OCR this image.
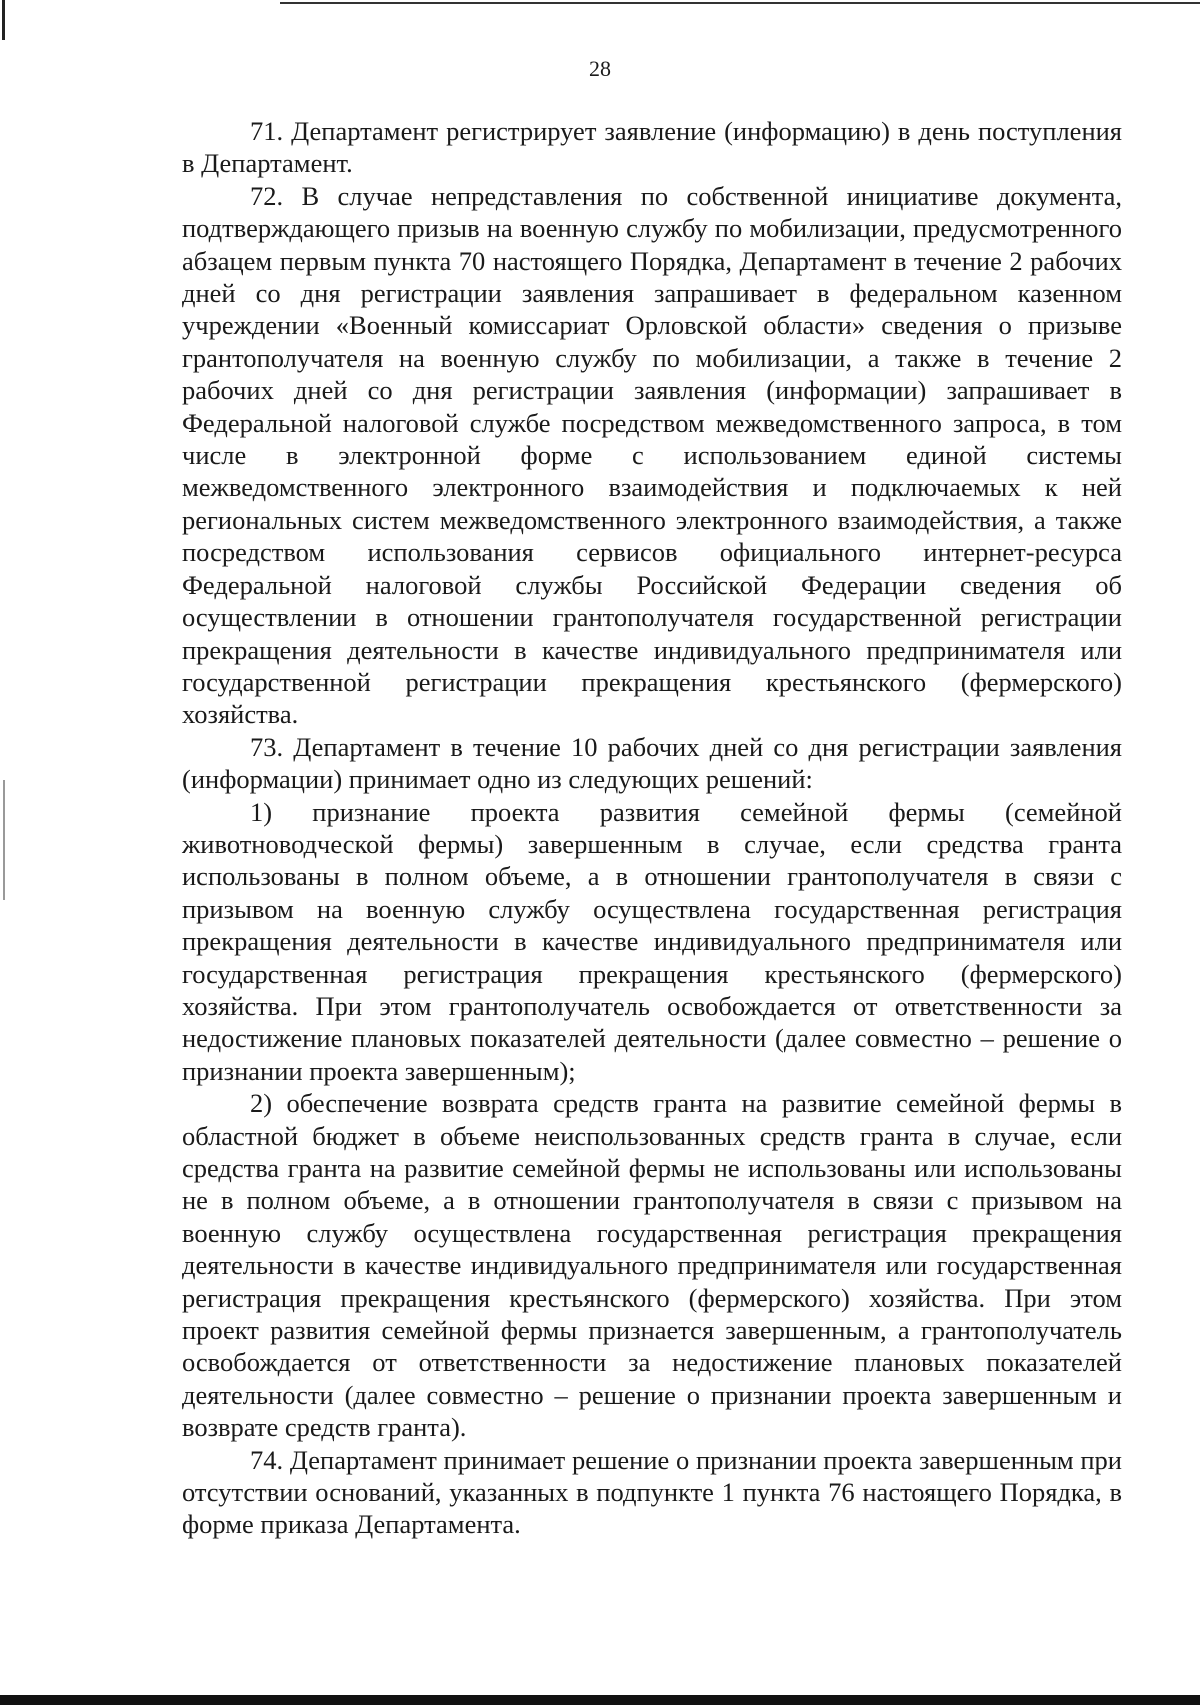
28

71. Департамент регистрирует заявление (информацию) в день поступления в Департамент.

72. В случае непредставления по собственной инициативе документа, подтверждающего призыв на военную службу по мобилизации, предусмотренного абзацем первым пункта 70 настоящего Порядка, Департамент в течение 2 рабочих дней со дня регистрации заявления запрашивает в федеральном казенном учреждении «Военный комиссариат Орловской области» сведения о призыве грантополучателя на военную службу по мобилизации, а также в течение 2 рабочих дней со дня регистрации заявления (информации) запрашивает в Федеральной налоговой службе посредством межведомственного запроса, в том числе в электронной форме с использованием единой системы межведомственного электронного взаимодействия и подключаемых к ней региональных систем межведомственного электронного взаимодействия, а также посредством использования сервисов официального интернет-ресурса Федеральной налоговой службы Российской Федерации сведения об осуществлении в отношении грантополучателя государственной регистрации прекращения деятельности в качестве индивидуального предпринимателя или государственной регистрации прекращения крестьянского (фермерского) хозяйства.

73. Департамент в течение 10 рабочих дней со дня регистрации заявления (информации) принимает одно из следующих решений:

1) признание проекта развития семейной фермы (семейной животноводческой фермы) завершенным в случае, если средства гранта использованы в полном объеме, а в отношении грантополучателя в связи с призывом на военную службу осуществлена государственная регистрация прекращения деятельности в качестве индивидуального предпринимателя или государственная регистрация прекращения крестьянского (фермерского) хозяйства. При этом грантополучатель освобождается от ответственности за недостижение плановых показателей деятельности (далее совместно – решение о признании проекта завершенным);

2) обеспечение возврата средств гранта на развитие семейной фермы в областной бюджет в объеме неиспользованных средств гранта в случае, если средства гранта на развитие семейной фермы не использованы или использованы не в полном объеме, а в отношении грантополучателя в связи с призывом на военную службу осуществлена государственная регистрация прекращения деятельности в качестве индивидуального предпринимателя или государственная регистрация прекращения крестьянского (фермерского) хозяйства. При этом проект развития семейной фермы признается завершенным, а грантополучатель освобождается от ответственности за недостижение плановых показателей деятельности (далее совместно – решение о признании проекта завершенным и возврате средств гранта).

74. Департамент принимает решение о признании проекта завершенным при отсутствии оснований, указанных в подпункте 1 пункта 76 настоящего Порядка, в форме приказа Департамента.
